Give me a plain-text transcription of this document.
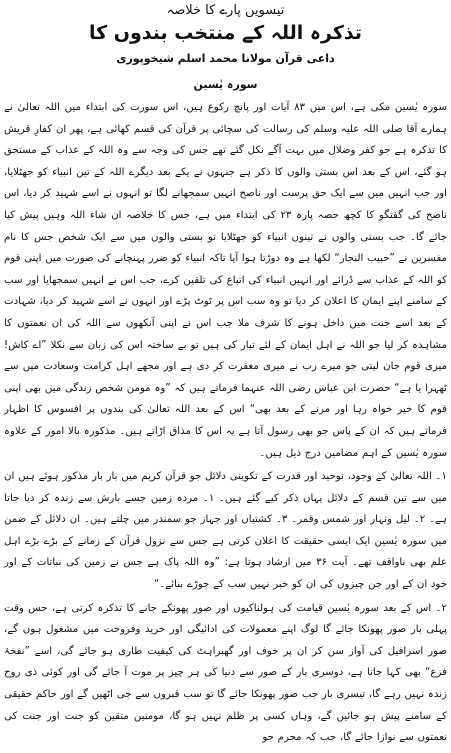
تیسویں پارے کا خلاصہ
تذکرہ اللہ کے منتخب بندوں کا
داعی قرآن مولانا محمد اسلم شیخوپوری
سورہ یٰسین

سورہ یٰسین مکی ہے، اس میں ۸۳ آیات اور پانچ رکوع ہیں، اس سورت کی ابتداء میں اللہ تعالیٰ نے ہمارے آقا صلی اللہ علیہ وسلم کی رسالت کی سچائی پر قرآن کی قسم کھائی ہے، پھر ان کفارِ قریش کا تذکرہ ہے جو کفر وضلال میں بہت آگے نکل گئے تھے جس کی وجہ سے وہ اللہ کے عذاب کے مستحق ہو گئے، اس کے بعد اس بستی والوں کا ذکر ہے جنہوں نے یکے بعد دیگرے اللہ کے تین انبیاء کو جھٹلایا، اور جب انہیں میں سے ایک حق پرست اور ناصح انہیں سمجھانے لگا تو انہوں نے اسے شہید کر دیا، اس ناصح کی گفتگو کا کچھ حصہ پارہ ۲۳ کی ابتداء میں ہے، جس کا خلاصہ ان شاء اللہ وہیں پیش کیا جائے گا۔ جب بستی والوں نے تینوں انبیاء کو جھٹلایا تو بستی والوں میں سے ایک شخص جس کا نام مفسرین نے ”حبیب النجار“ لکھا ہے وہ دوڑتا ہوا آیا تاکہ انبیاء کو ضرر پہنچانے کی صورت میں اپنی قوم کو اللہ کے عذاب سے ڈرائے اور انہیں انبیاء کی اتباع کی تلقین کرے، جب اس نے انہیں سمجھایا اور سب کے سامنے اپنے ایمان کا اعلان کر دیا تو وہ سب اس پر ٹوٹ پڑے اور انہوں نے اسے شہید کر دیا، شہادت کے بعد اسے جنت میں داخل ہونے کا شرف ملا جب اس نے اپنی آنکھوں سے اللہ کی ان نعمتوں کا مشاہدہ کر لیا جو اللہ نے اہل ایمان کے لئے تیار کی ہیں تو بے ساختہ اس کی زبان سے نکلا ”اے کاش! میری قوم جان لیتی جو میرے رب نے میری مغفرت کر دی ہے اور مجھے اہل کرامت وسعادت میں سے ٹھہرا یا ہے“ حضرت ابن عباس رضی اللہ عنہما فرماتے ہیں کہ ”وہ مومن شخص زندگی میں بھی اپنی قوم کا خیر خواہ رہا اور مرنے کے بعد بھی“ اس کے بعد اللہ تعالیٰ کی بندوں پر افسوس کا اظہار فرماتے ہیں کہ ان کے پاس جو بھی رسول آتا ہے یہ اس کا مذاق اڑاتے ہیں۔ مذکورہ بالا امور کے علاوہ سورہ یٰسین کے اہم مضامین درج ذیل ہیں۔

۱۔ اللہ تعالیٰ کے وجود، توحید اور قدرت کے تکوینی دلائل جو قرآن کریم میں بار بار مذکور ہوئے ہیں ان میں سے تین قسم کے دلائل یہاں ذکر کیے گئے ہیں۔ ۱۔ مردہ زمین جسے بارش سے زندہ کر دیا جاتا ہے۔ ۲۔ لیل ونہار اور شمس وقمر۔ ۳۔ کشتیاں اور جہاز جو سمندر میں چلتے ہیں۔ ان دلائل کے ضمن میں سورہ یٰسین ایک ایسی حقیقت کا اعلان کرتی ہے جس سے نزول قرآن کے زمانے کے بڑے بڑے اہل علم بھی ناواقف تھے۔ آیت ۳۶ میں ارشاد ہوتا ہے: ”وہ اللہ پاک ہے جس نے زمین کی نباتات کے اور خود ان کے اور جن چیزوں کی ان کو خبر نہیں سب کے جوڑے بنائے۔“

۲۔ اس کے بعد سورہ یٰسین قیامت کی ہولناکیوں اور صور پھونکے جانے کا تذکرہ کرتی ہے، جس وقت پہلی بار صور پھونکا جائے گا لوگ اپنے معمولات کی ادائیگی اور خرید وفروخت میں مشغول ہوں گے، صور اسرافیل کی آواز سن کر ان پر خوف اور گھبراہٹ کی کیفیت طاری ہو جائے گی، اسے ”نفخۂ فزع“ بھی کہا جاتا ہے، دوسری بار کے صور سے دنیا کی ہر چیز پر موت آ جائے گی اور کوئی ذی روح زندہ نہیں رہے گا، تیسری بار جب صور پھونکا جائے گا تو سب قبروں سے جی اٹھیں گے اور حاکم حقیقی کے سامنے پیش ہو جائیں گے، وہاں کسی پر ظلم نہیں ہو گا، مومنین متقین کو جنت اور جنت کی نعمتوں سے نوازا جائے گا، جب کہ مجرم جو
